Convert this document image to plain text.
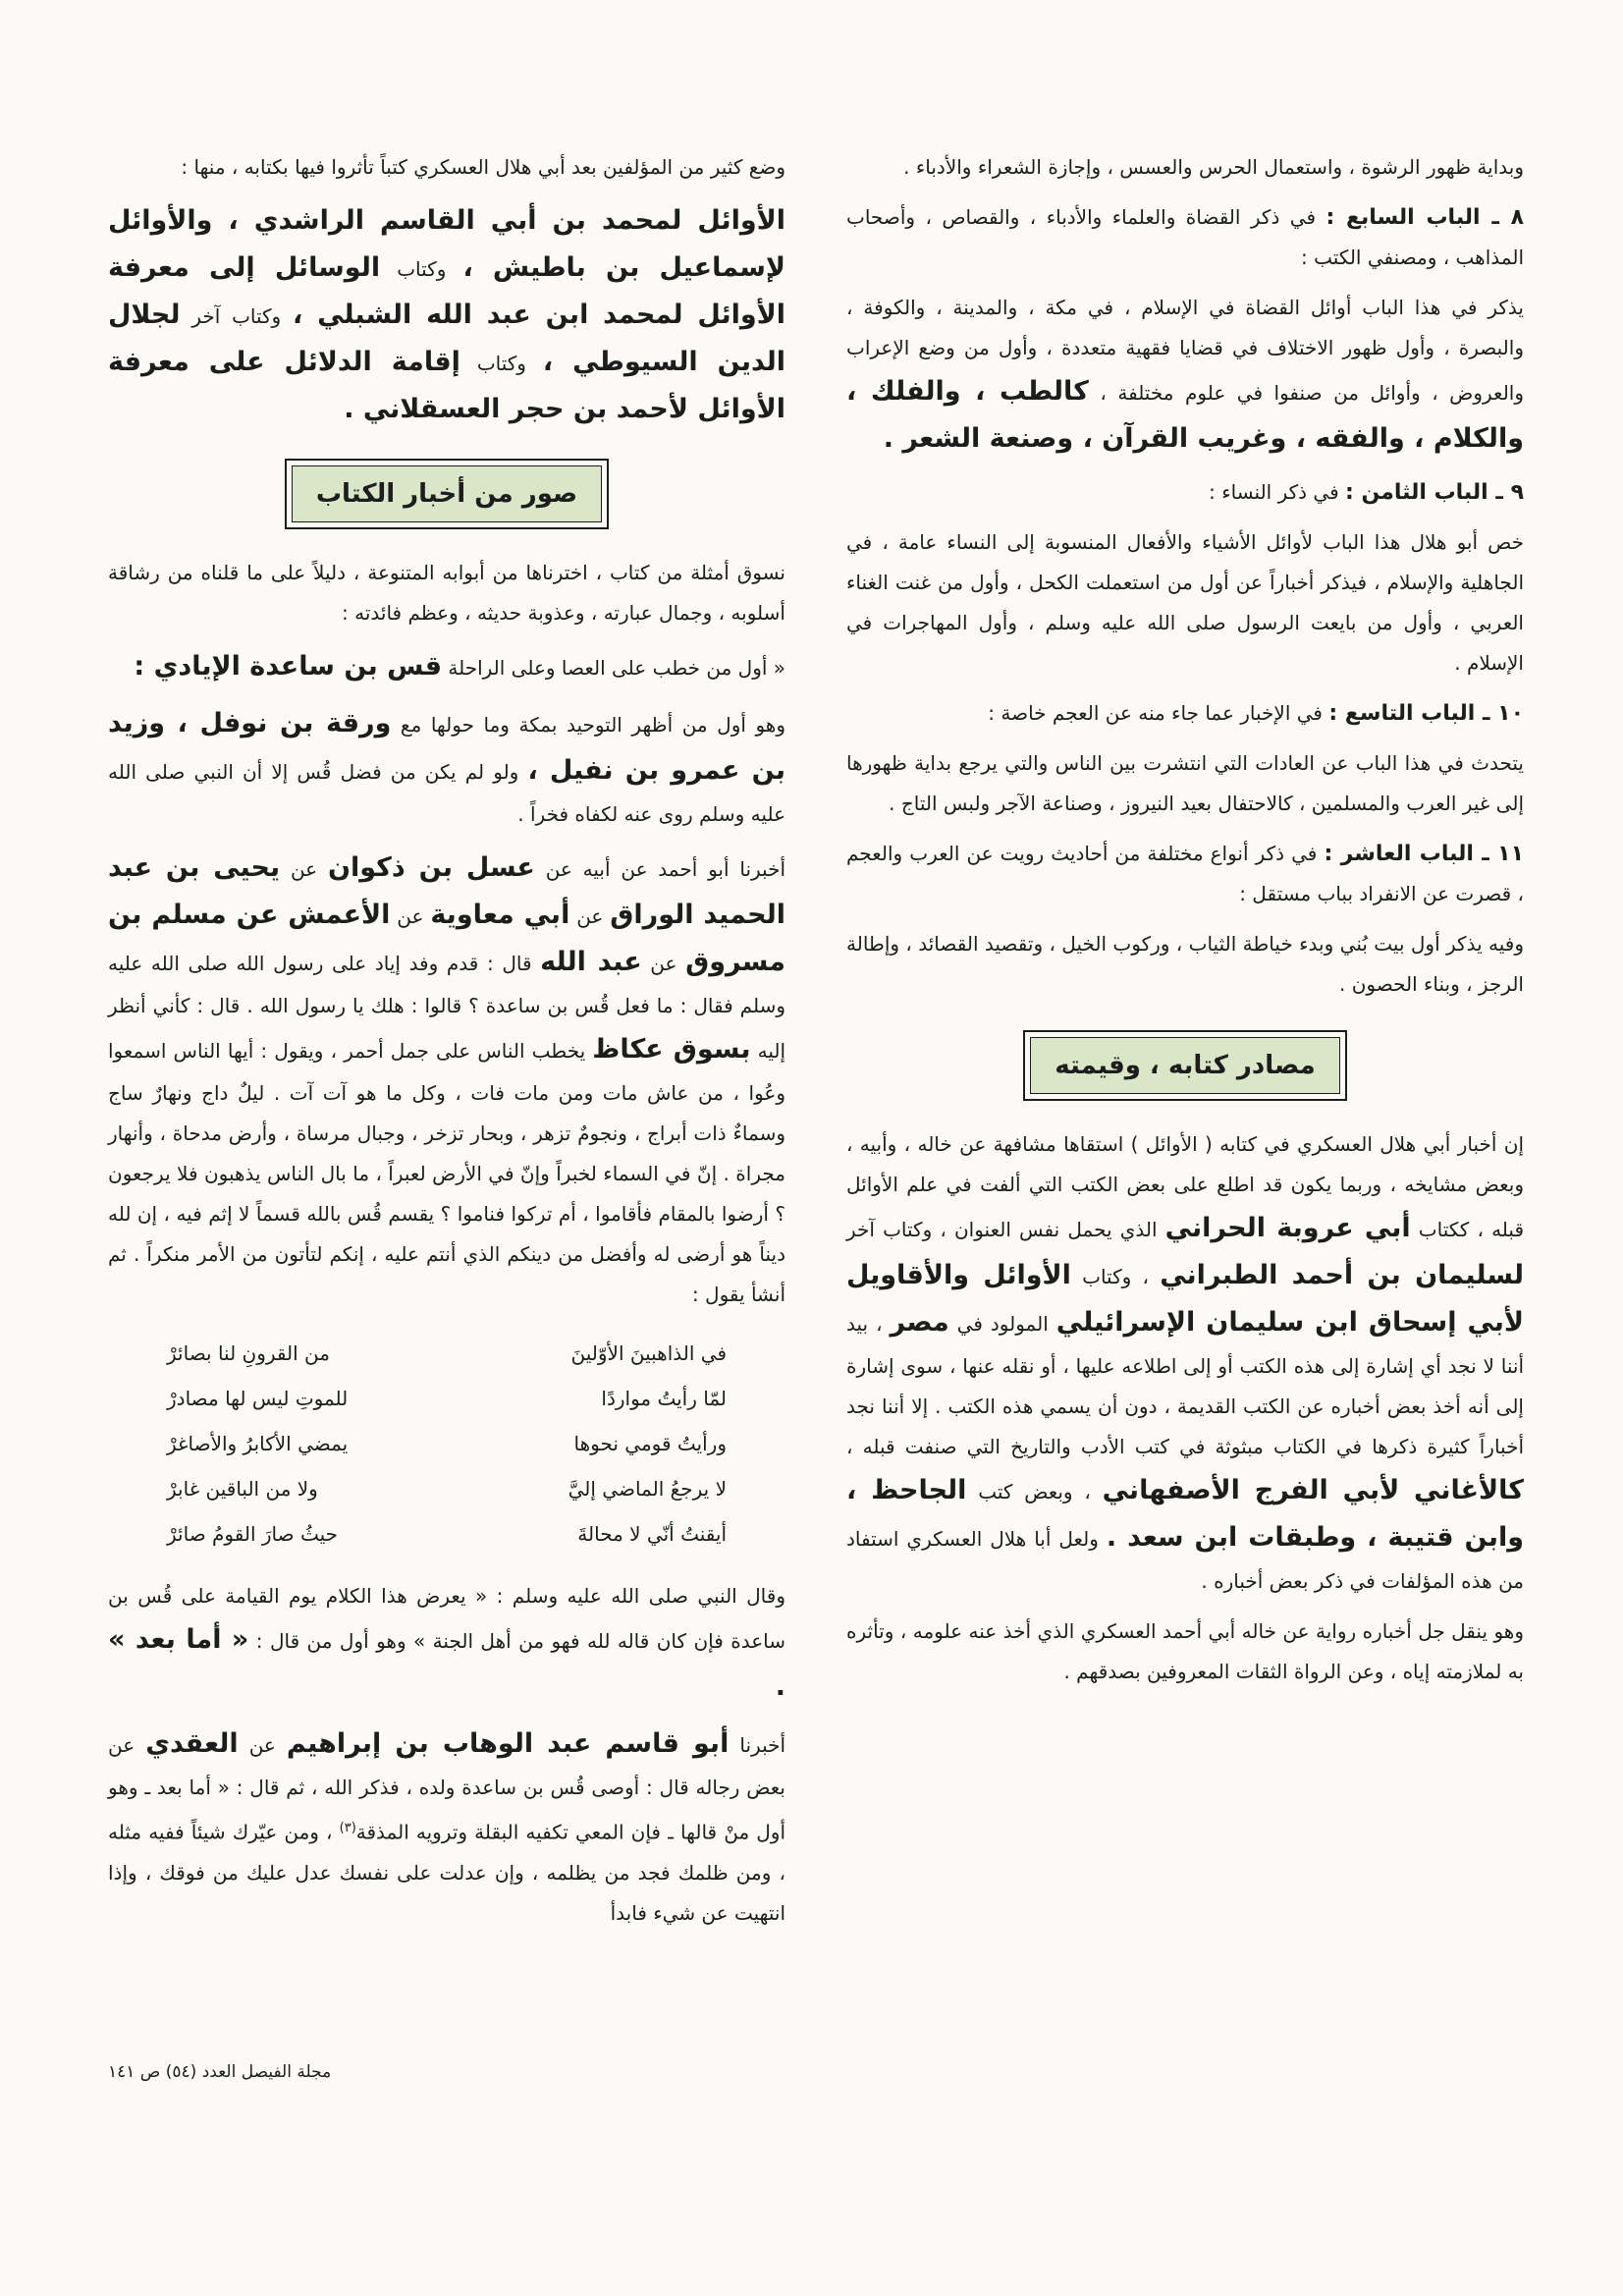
وبداية ظهور الرشوة ، واستعمال الحرس والعسس ، وإجازة الشعراء والأدباء .

٨ ـ الباب السابع : في ذكر القضاة والعلماء والأدباء ، والقصاص ، وأصحاب المذاهب ، ومصنفي الكتب :

يذكر في هذا الباب أوائل القضاة في الإسلام ، في مكة ، والمدينة ، والكوفة ، والبصرة ، وأول ظهور الاختلاف في قضايا فقهية متعددة ، وأول من وضع الإعراب والعروض ، وأوائل من صنفوا في علوم مختلفة ، كالطب ، والفلك ، والكلام ، والفقه ، وغريب القرآن ، وصنعة الشعر .

٩ ـ الباب الثامن : في ذكر النساء :

خص أبو هلال هذا الباب لأوائل الأشياء والأفعال المنسوبة إلى النساء عامة ، في الجاهلية والإسلام ، فيذكر أخباراً عن أول من استعملت الكحل ، وأول من غنت الغناء العربي ، وأول من بايعت الرسول صلى الله عليه وسلم ، وأول المهاجرات في الإسلام .

١٠ ـ الباب التاسع : في الإخبار عما جاء منه عن العجم خاصة :

يتحدث في هذا الباب عن العادات التي انتشرت بين الناس والتي يرجع بداية ظهورها إلى غير العرب والمسلمين ، كالاحتفال بعيد النيروز ، وصناعة الآجر ولبس التاج .

١١ ـ الباب العاشر : في ذكر أنواع مختلفة من أحاديث رويت عن العرب والعجم ، قصرت عن الانفراد بباب مستقل :

وفيه يذكر أول بيت بُني وبدء خياطة الثياب ، وركوب الخيل ، وتقصيد القصائد ، وإطالة الرجز ، وبناء الحصون .

مصادر كتابه ، وقيمته

إن أخبار أبي هلال العسكري في كتابه ( الأوائل ) استقاها مشافهة عن خاله ، وأبيه ، وبعض مشايخه ، وربما يكون قد اطلع على بعض الكتب التي ألفت في علم الأوائل قبله ، ككتاب أبي عروبة الحراني الذي يحمل نفس العنوان ، وكتاب آخر لسليمان بن أحمد الطبراني ، وكتاب الأوائل والأقاويل لأبي إسحاق ابن سليمان الإسرائيلي المولود في مصر ، بيد أننا لا نجد أي إشارة إلى هذه الكتب أو إلى اطلاعه عليها ، أو نقله عنها ، سوى إشارة إلى أنه أخذ بعض أخباره عن الكتب القديمة ، دون أن يسمي هذه الكتب . إلا أننا نجد أخباراً كثيرة ذكرها في الكتاب مبثوثة في كتب الأدب والتاريخ التي صنفت قبله ، كالأغاني لأبي الفرج الأصفهاني ، وبعض كتب الجاحظ ، وابن قتيبة ، وطبقات ابن سعد . ولعل أبا هلال العسكري استفاد من هذه المؤلفات في ذكر بعض أخباره .

وهو ينقل جل أخباره رواية عن خاله أبي أحمد العسكري الذي أخذ عنه علومه ، وتأثره به لملازمته إياه ، وعن الرواة الثقات المعروفين بصدقهم .

وضع كثير من المؤلفين بعد أبي هلال العسكري كتباً تأثروا فيها بكتابه ، منها :

الأوائل لمحمد بن أبي القاسم الراشدي ، والأوائل لإسماعيل بن باطيش ، وكتاب الوسائل إلى معرفة الأوائل لمحمد ابن عبد الله الشبلي ، وكتاب آخر لجلال الدين السيوطي ، وكتاب إقامة الدلائل على معرفة الأوائل لأحمد بن حجر العسقلاني .

صور من أخبار الكتاب

نسوق أمثلة من كتاب ، اخترناها من أبوابه المتنوعة ، دليلاً على ما قلناه من رشاقة أسلوبه ، وجمال عبارته ، وعذوبة حديثه ، وعظم فائدته :

« أول من خطب على العصا وعلى الراحلة قس بن ساعدة الإيادي :

وهو أول من أظهر التوحيد بمكة وما حولها مع ورقة بن نوفل ، وزيد بن عمرو بن نفيل ، ولو لم يكن من فضل قُس إلا أن النبي صلى الله عليه وسلم روى عنه لكفاه فخراً .

أخبرنا أبو أحمد عن أبيه عن عسل بن ذكوان عن يحيى بن عبد الحميد الوراق عن أبي معاوية عن الأعمش عن مسلم بن مسروق عن عبد الله قال : قدم وفد إياد على رسول الله صلى الله عليه وسلم فقال : ما فعل قُس بن ساعدة ؟ قالوا : هلك يا رسول الله . قال : كأني أنظر إليه بسوق عكاظ يخطب الناس على جمل أحمر ، ويقول : أيها الناس اسمعوا وعُوا ، من عاش مات ومن مات فات ، وكل ما هو آت آت . ليلٌ داج ونهارٌ ساج وسماءٌ ذات أبراج ، ونجومٌ تزهر ، وبحار تزخر ، وجبال مرساة ، وأرض مدحاة ، وأنهار مجراة . إنّ في السماء لخبراً وإنّ في الأرض لعبراً ، ما بال الناس يذهبون فلا يرجعون ؟ أرضوا بالمقام فأقاموا ، أم تركوا فناموا ؟ يقسم قُس بالله قسماً لا إثم فيه ، إن لله ديناً هو أرضى له وأفضل من دينكم الذي أنتم عليه ، إنكم لتأتون من الأمر منكراً . ثم أنشأ يقول :

في الذاهبينَ الأوّلينَ
من القرونِ لنا بصائرْ
لمّا رأيتُ مواردًا
للموتِ ليس لها مصادرْ
ورأيتُ قومي نحوها
يمضي الأكابرُ والأصاغرْ
لا يرجعُ الماضي إليَّ
ولا من الباقين غابرْ
أيقنتُ أنّي لا محالةَ
حيثُ صارَ القومُ صائرْ

وقال النبي صلى الله عليه وسلم : « يعرض هذا الكلام يوم القيامة على قُس بن ساعدة فإن كان قاله لله فهو من أهل الجنة » وهو أول من قال : « أما بعد » .

أخبرنا أبو قاسم عبد الوهاب بن إبراهيم عن العقدي عن بعض رجاله قال : أوصى قُس بن ساعدة ولده ، فذكر الله ، ثم قال : « أما بعد ـ وهو أول منْ قالها ـ فإن المعي تكفيه البقلة وترويه المذقة$^{(٣)}$ ، ومن عيّرك شيئاً ففيه مثله ، ومن ظلمك فجد من يظلمه ، وإن عدلت على نفسك عدل عليك من فوقك ، وإذا انتهيت عن شيء فابدأ

مجلة الفيصل العدد (٥٤) ص ١٤١
